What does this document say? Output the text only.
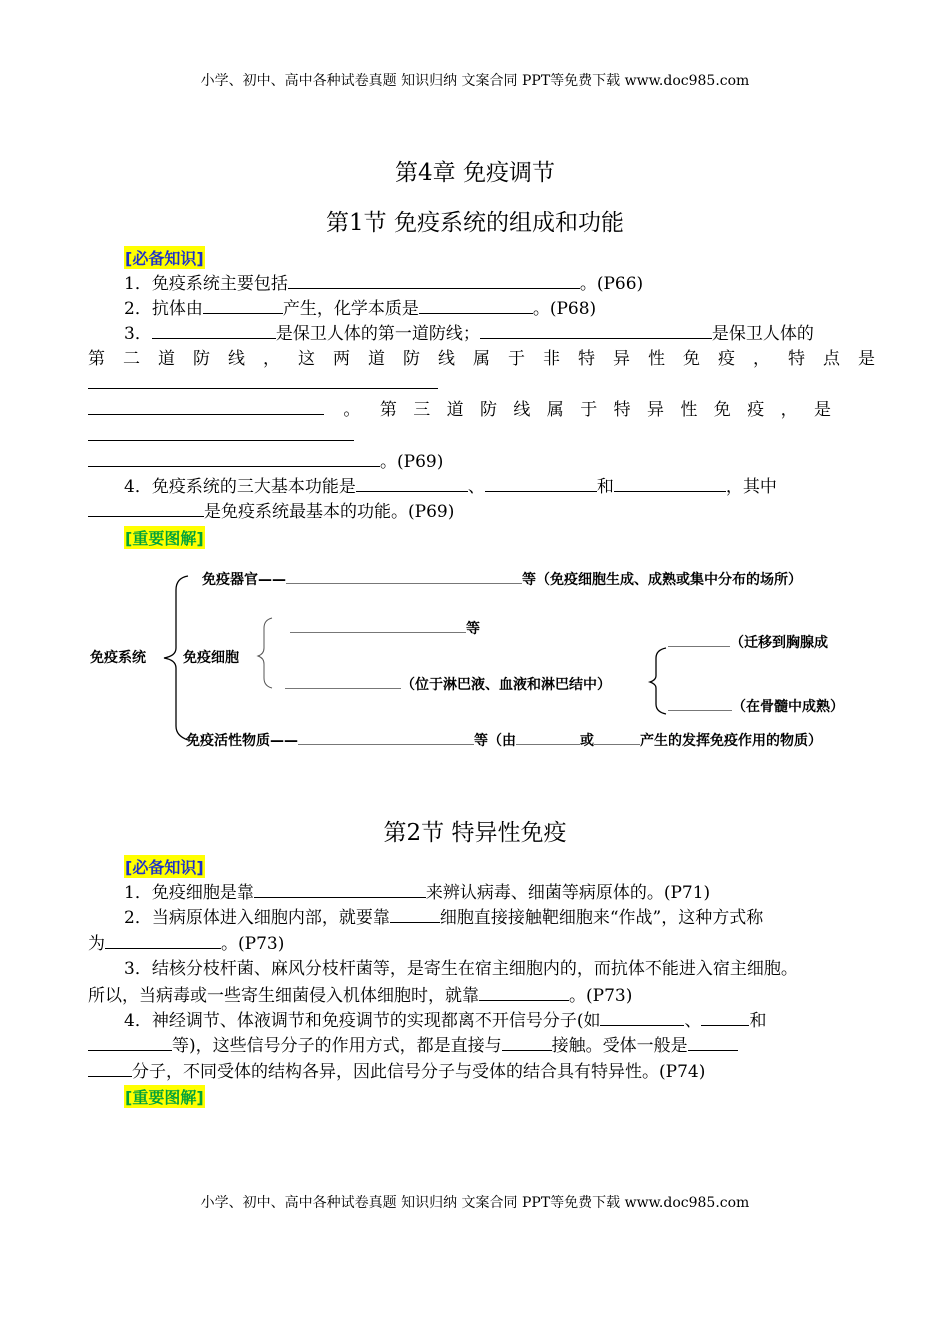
小学、初中、高中各种试卷真题 知识归纳 文案合同 PPT等免费下载 www.doc985.com
第4章 免疫调节
第1节 免疫系统的组成和功能
[必备知识]
1．免疫系统主要包括	。(P66)
2．抗体由	产生，化学本质是	。(P68)
3．	是保卫人体的第一道防线；	是保卫人体的
第二道防线，这两道防线属于非特异性免疫，特点是
。 第三道防线属于特异性免疫，是
。(P69)
4．免疫系统的三大基本功能是	、	和	，其中
是免疫系统最基本的功能。(P69)
[重要图解]
免疫系统
免疫器官——	等（免疫细胞生成、成熟或集中分布的场所）
免疫细胞
等
（位于淋巴液、血液和淋巴结中）
（迁移到胸腺成
（在骨髓中成熟）
免疫活性物质——	等（由	或	产生的发挥免疫作用的物质）
第2节 特异性免疫
[必备知识]
1．免疫细胞是靠	来辨认病毒、细菌等病原体的。(P71)
2．当病原体进入细胞内部，就要靠	细胞直接接触靶细胞来“作战”，这种方式称
为	。(P73)
3．结核分枝杆菌、麻风分枝杆菌等，是寄生在宿主细胞内的，而抗体不能进入宿主细胞。
所以，当病毒或一些寄生细菌侵入机体细胞时，就靠	。(P73)
4．神经调节、体液调节和免疫调节的实现都离不开信号分子(如	、	和
等)，这些信号分子的作用方式，都是直接与	接触。受体一般是
分子，不同受体的结构各异，因此信号分子与受体的结合具有特异性。(P74)
[重要图解]
小学、初中、高中各种试卷真题 知识归纳 文案合同 PPT等免费下载 www.doc985.com
